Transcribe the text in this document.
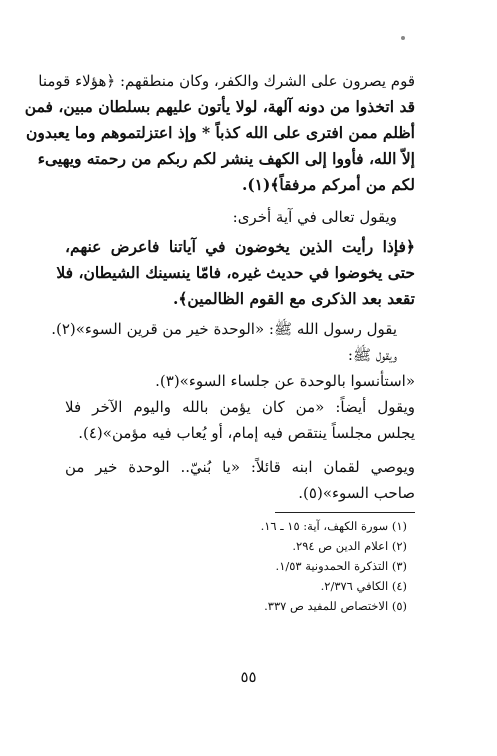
قوم يصرون على الشرك والكفر، وكان منطقهم: ﴿هؤلاء قومنا
قد اتخذوا من دونه آلهة، لولا يأتون عليهم بسلطان مبين، فمن
أظلم ممن افترى على الله كذباً * وإذ اعتزلتموهم وما يعبدون
إلاّ الله، فأووا إلى الكهف ينشر لكم ربكم من رحمته ويهيىء
لكم من أمركم مرفقاً﴾(١).
ويقول تعالى في آية أخرى:
﴿فإذا رأيت الذين يخوضون في آياتنا فاعرض عنهم،
حتى يخوضوا في حديث غيره، فامّا ينسينك الشيطان، فلا
تقعد بعد الذكرى مع القوم الظالمين﴾.
يقول رسول الله ﷺ: «الوحدة خير من قرين السوء»(٢).
ويقول ﷺ:
«استأنسوا بالوحدة عن جلساء السوء»(٣).
ويقول أيضاً: «من كان يؤمن بالله واليوم الآخر فلا
يجلس مجلساً ينتقص فيه إمام، أو يُعاب فيه مؤمن»(٤).
ويوصي لقمان ابنه قائلاً: «يا بُنيّ.. الوحدة خير من
صاحب السوء»(٥).
(١) سورة الكهف، آية: ١٥ ـ ١٦.
(٢) اعلام الدين ص ٢٩٤.
(٣) التذكرة الحمدونية ١/٥٣.
(٤) الكافي ٢/٣٧٦.
(٥) الاختصاص للمفيد ص ٣٣٧.
٥٥
